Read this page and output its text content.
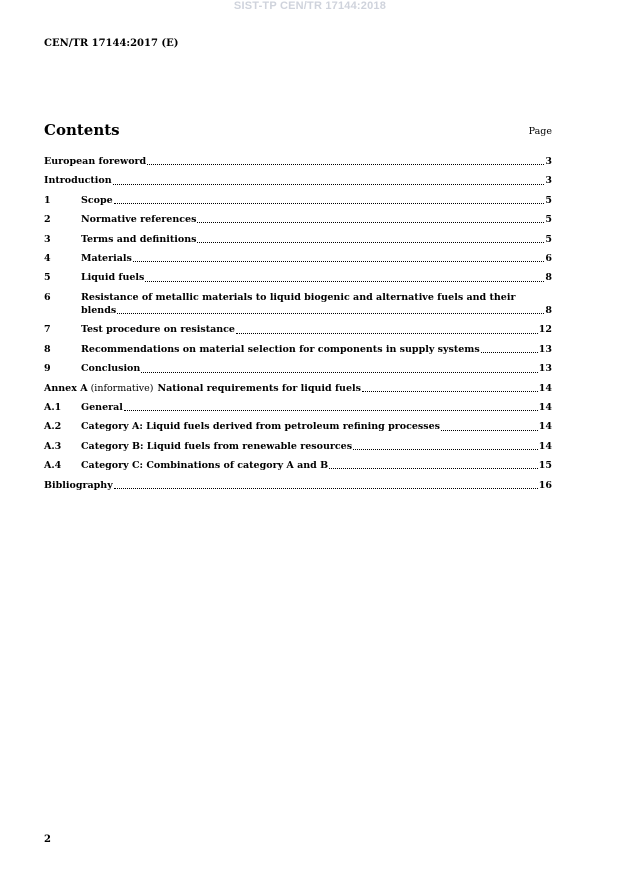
SIST-TP CEN/TR 17144:2018
CEN/TR 17144:2017 (E)
Contents	Page
European foreword	3
Introduction	3
1	Scope	5
2	Normative references	5
3	Terms and definitions	5
4	Materials	6
5	Liquid fuels	8
6	Resistance of metallic materials to liquid biogenic and alternative fuels and their
blends	8
7	Test procedure on resistance	12
8	Recommendations on material selection for components in supply systems	13
9	Conclusion	13
Annex A (informative) National requirements for liquid fuels	14
A.1	General	14
A.2	Category A: Liquid fuels derived from petroleum refining processes	14
A.3	Category B: Liquid fuels from renewable resources	14
A.4	Category C: Combinations of category A and B	15
Bibliography	16
2
